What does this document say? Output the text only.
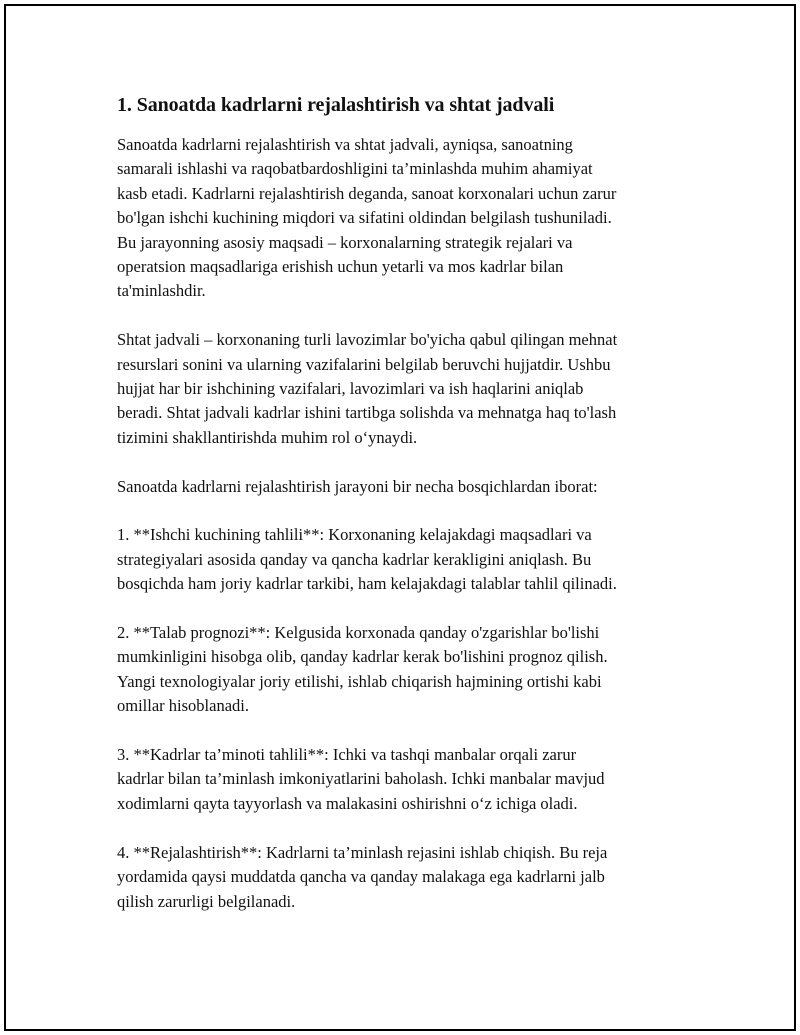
1. Sanoatda kadrlarni rejalashtirish va shtat jadvali
Sanoatda kadrlarni rejalashtirish va shtat jadvali, ayniqsa, sanoatning
samarali ishlashi va raqobatbardoshligini ta’minlashda muhim ahamiyat
kasb etadi. Kadrlarni rejalashtirish deganda, sanoat korxonalari uchun zarur
bo'lgan ishchi kuchining miqdori va sifatini oldindan belgilash tushuniladi.
Bu jarayonning asosiy maqsadi – korxonalarning strategik rejalari va
operatsion maqsadlariga erishish uchun yetarli va mos kadrlar bilan
ta'minlashdir.
Shtat jadvali – korxonaning turli lavozimlar bo'yicha qabul qilingan mehnat
resurslari sonini va ularning vazifalarini belgilab beruvchi hujjatdir. Ushbu
hujjat har bir ishchining vazifalari, lavozimlari va ish haqlarini aniqlab
beradi. Shtat jadvali kadrlar ishini tartibga solishda va mehnatga haq to'lash
tizimini shakllantirishda muhim rol o‘ynaydi.
Sanoatda kadrlarni rejalashtirish jarayoni bir necha bosqichlardan iborat:
1. **Ishchi kuchining tahlili**: Korxonaning kelajakdagi maqsadlari va
strategiyalari asosida qanday va qancha kadrlar kerakligini aniqlash. Bu
bosqichda ham joriy kadrlar tarkibi, ham kelajakdagi talablar tahlil qilinadi.
2. **Talab prognozi**: Kelgusida korxonada qanday o'zgarishlar bo'lishi
mumkinligini hisobga olib, qanday kadrlar kerak bo'lishini prognoz qilish.
Yangi texnologiyalar joriy etilishi, ishlab chiqarish hajmining ortishi kabi
omillar hisoblanadi.
3. **Kadrlar ta’minoti tahlili**: Ichki va tashqi manbalar orqali zarur
kadrlar bilan ta’minlash imkoniyatlarini baholash. Ichki manbalar mavjud
xodimlarni qayta tayyorlash va malakasini oshirishni o‘z ichiga oladi.
4. **Rejalashtirish**: Kadrlarni ta’minlash rejasini ishlab chiqish. Bu reja
yordamida qaysi muddatda qancha va qanday malakaga ega kadrlarni jalb
qilish zarurligi belgilanadi.
